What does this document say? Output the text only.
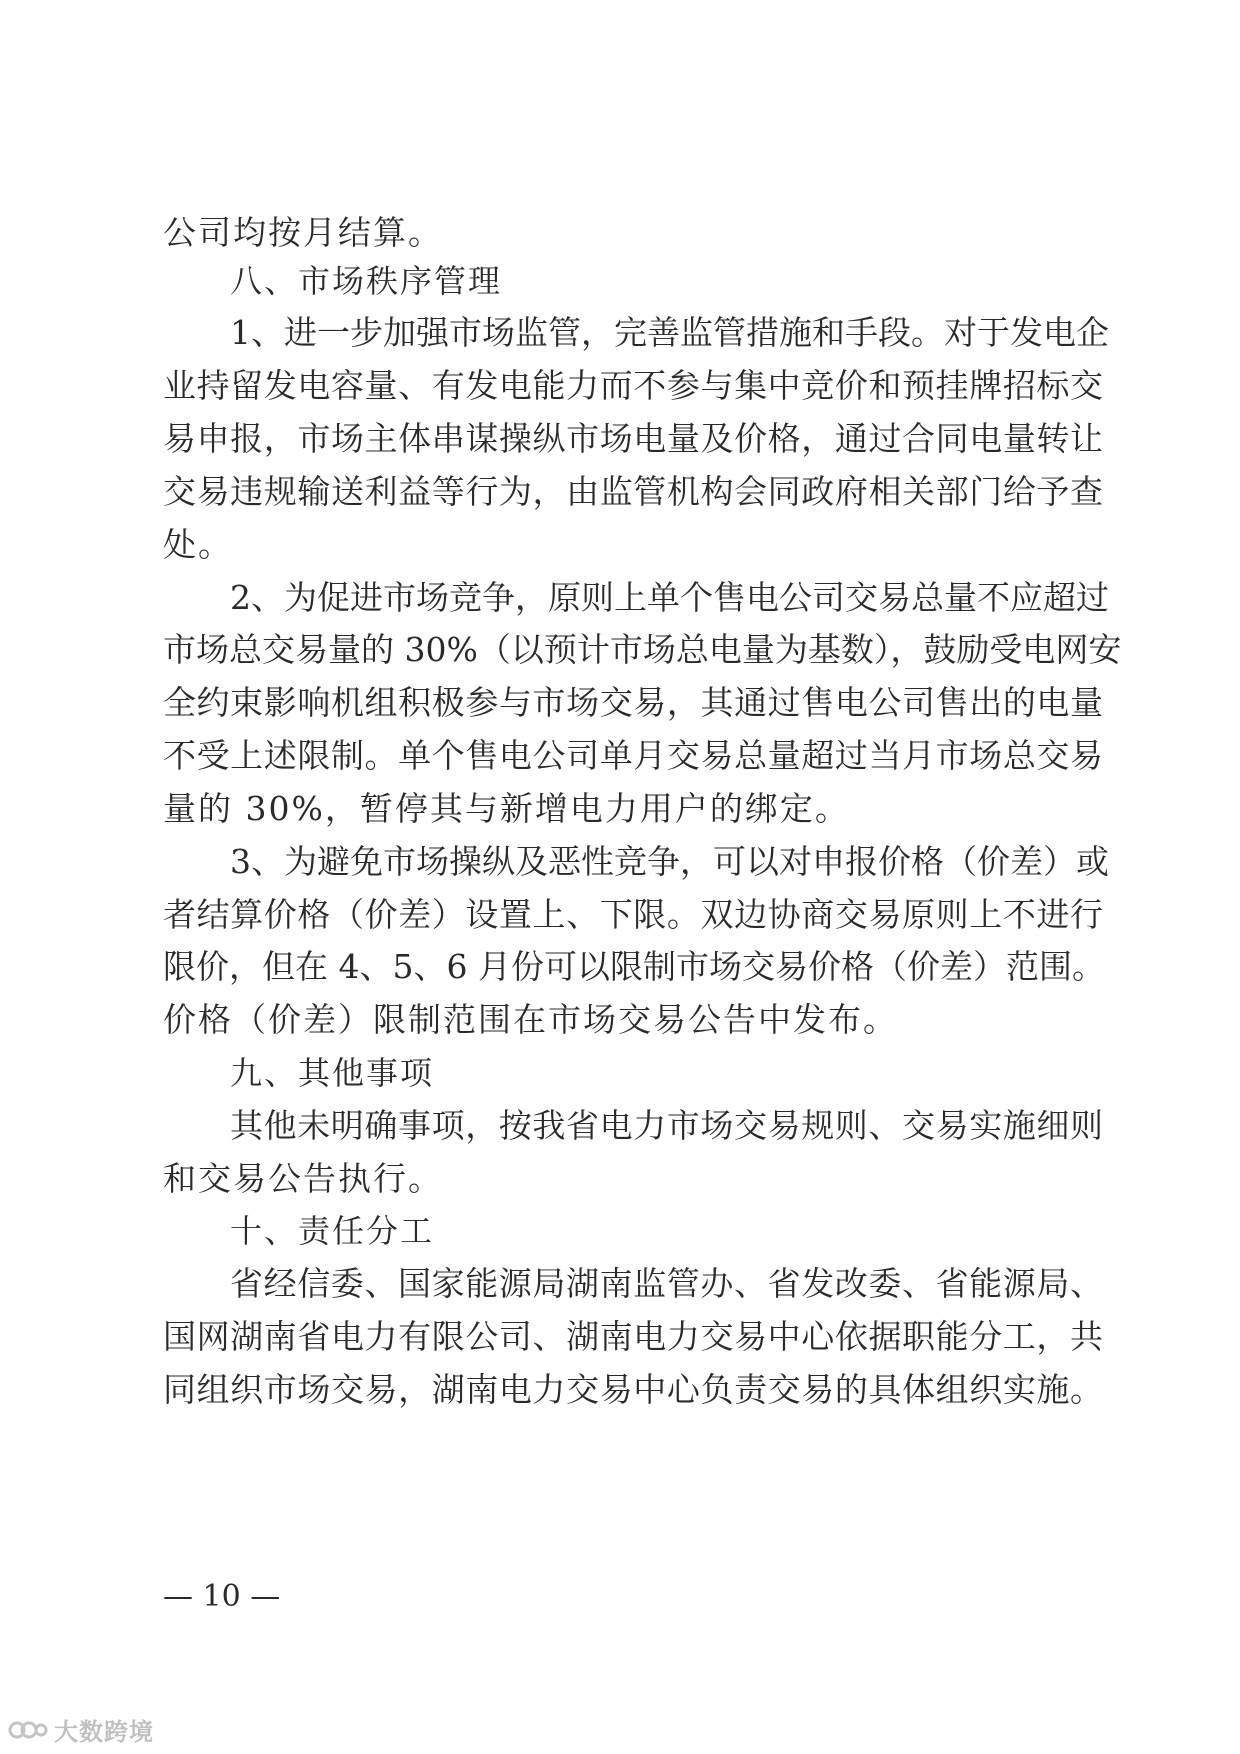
公司均按月结算。
八、市场秩序管理
1、进一步加强市场监管，完善监管措施和手段。对于发电企
业持留发电容量、有发电能力而不参与集中竞价和预挂牌招标交
易申报，市场主体串谋操纵市场电量及价格，通过合同电量转让
交易违规输送利益等行为，由监管机构会同政府相关部门给予查
处。
2、为促进市场竞争，原则上单个售电公司交易总量不应超过
市场总交易量的 30%（以预计市场总电量为基数），鼓励受电网安
全约束影响机组积极参与市场交易，其通过售电公司售出的电量
不受上述限制。单个售电公司单月交易总量超过当月市场总交易
量的 30%，暂停其与新增电力用户的绑定。
3、为避免市场操纵及恶性竞争，可以对申报价格（价差）或
者结算价格（价差）设置上、下限。双边协商交易原则上不进行
限价，但在 4、5、6 月份可以限制市场交易价格（价差）范围。
价格（价差）限制范围在市场交易公告中发布。
九、其他事项
其他未明确事项，按我省电力市场交易规则、交易实施细则
和交易公告执行。
十、责任分工
省经信委、国家能源局湖南监管办、省发改委、省能源局、
国网湖南省电力有限公司、湖南电力交易中心依据职能分工，共
同组织市场交易，湖南电力交易中心负责交易的具体组织实施。
— 10 —
大数跨境
